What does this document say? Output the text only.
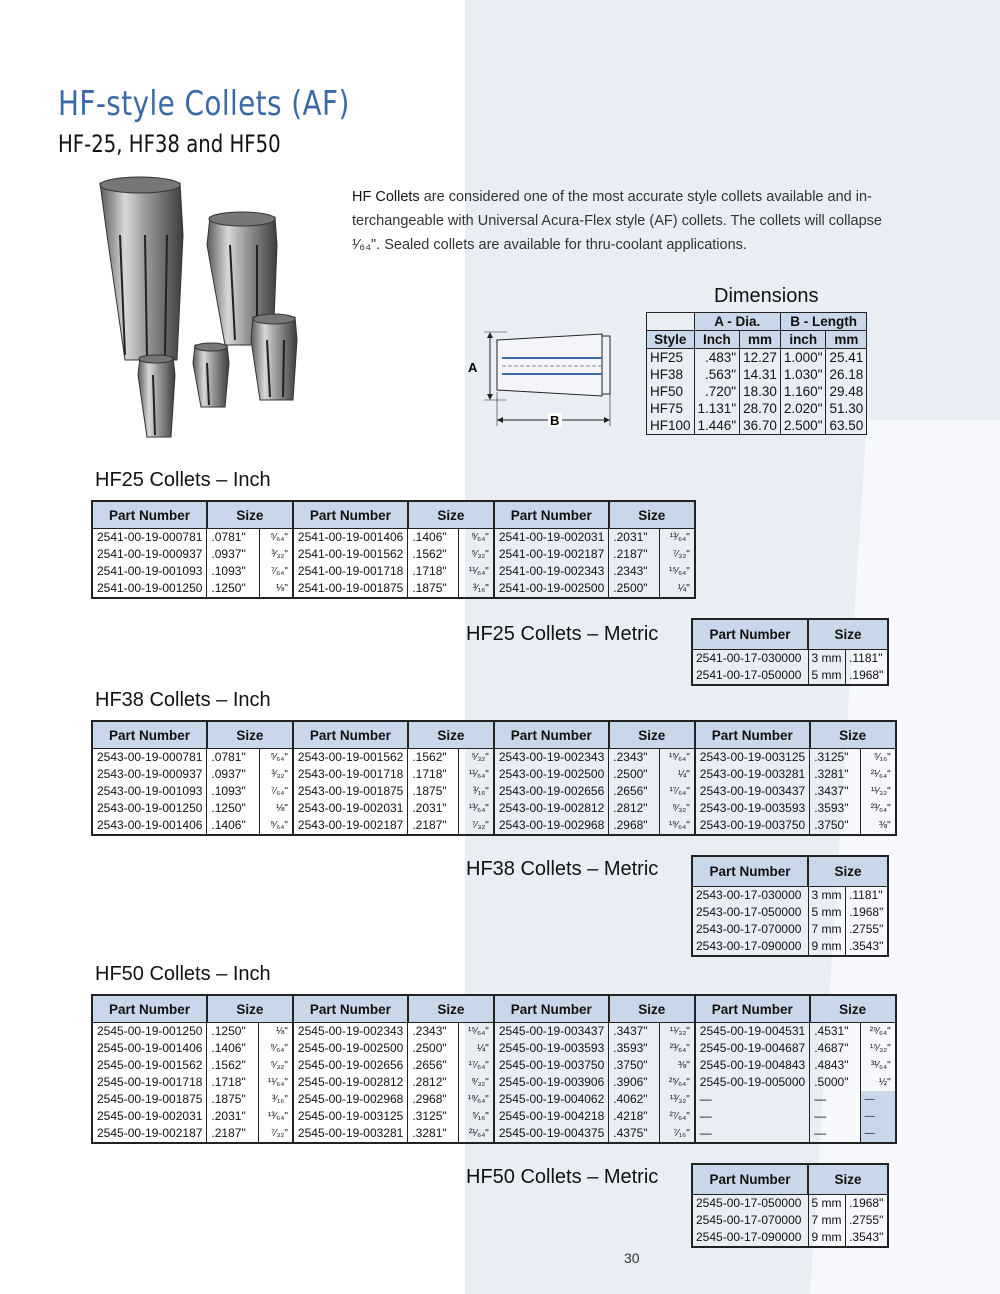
HF-style Collets (AF)
HF-25, HF38 and HF50
HF Collets are considered one of the most accurate style collets available and in-
terchangeable with Universal Acura-Flex style (AF) collets. The collets will collapse
¹⁄₆₄". Sealed collets are available for thru-coolant applications.
A
B
Dimensions
	A - Dia.		B - Length	
Style	Inch	mm	inch	mm
HF25	.483"	12.27	1.000"	25.41
HF38	.563"	14.31	1.030"	26.18
HF50	.720"	18.30	1.160"	29.48
HF75	1.131"	28.70	2.020"	51.30
HF100	1.446"	36.70	2.500"	63.50
HF25 Collets – Inch
Part Number	Size		Part Number	Size		Part Number	Size	
2541-00-19-000781	.0781"	⁵⁄₆₄"	2541-00-19-001406	.1406"	⁹⁄₆₄"	2541-00-19-002031	.2031"	¹³⁄₆₄"
2541-00-19-000937	.0937"	³⁄₃₂"	2541-00-19-001562	.1562"	⁵⁄₃₂"	2541-00-19-002187	.2187"	⁷⁄₃₂"
2541-00-19-001093	.1093"	⁷⁄₆₄"	2541-00-19-001718	.1718"	¹¹⁄₆₄"	2541-00-19-002343	.2343"	¹⁵⁄₆₄"
2541-00-19-001250	.1250"	⅛"	2541-00-19-001875	.1875"	³⁄₁₆"	2541-00-19-002500	.2500"	¼"
HF25 Collets – Metric	Part Number	Size	
2541-00-17-030000	3 mm	.1181"
2541-00-17-050000	5 mm	.1968"
HF38 Collets – Inch
Part Number	Size		Part Number	Size		Part Number	Size		Part Number	Size	
2543-00-19-000781	.0781"	⁵⁄₆₄"	2543-00-19-001562	.1562"	⁵⁄₃₂"	2543-00-19-002343	.2343"	¹⁵⁄₆₄"	2543-00-19-003125	.3125"	⁵⁄₁₆"
2543-00-19-000937	.0937"	³⁄₃₂"	2543-00-19-001718	.1718"	¹¹⁄₆₄"	2543-00-19-002500	.2500"	¼"	2543-00-19-003281	.3281"	²¹⁄₆₄"
2543-00-19-001093	.1093"	⁷⁄₆₄"	2543-00-19-001875	.1875"	³⁄₁₆"	2543-00-19-002656	.2656"	¹⁷⁄₆₄"	2543-00-19-003437	.3437"	¹¹⁄₃₂"
2543-00-19-001250	.1250"	⅛"	2543-00-19-002031	.2031"	¹³⁄₆₄"	2543-00-19-002812	.2812"	⁹⁄₃₂"	2543-00-19-003593	.3593"	²³⁄₆₄"
2543-00-19-001406	.1406"	⁹⁄₆₄"	2543-00-19-002187	.2187"	⁷⁄₃₂"	2543-00-19-002968	.2968"	¹⁹⁄₆₄"	2543-00-19-003750	.3750"	⅜"
HF38 Collets – Metric	Part Number	Size	
2543-00-17-030000	3 mm	.1181"
2543-00-17-050000	5 mm	.1968"
2543-00-17-070000	7 mm	.2755"
2543-00-17-090000	9 mm	.3543"
HF50 Collets – Inch
Part Number	Size		Part Number	Size		Part Number	Size		Part Number	Size	
2545-00-19-001250	.1250"	⅛"	2545-00-19-002343	.2343"	¹⁵⁄₆₄"	2545-00-19-003437	.3437"	¹¹⁄₃₂"	2545-00-19-004531	.4531"	²⁹⁄₆₄"
2545-00-19-001406	.1406"	⁹⁄₆₄"	2545-00-19-002500	.2500"	¼"	2545-00-19-003593	.3593"	²³⁄₆₄"	2545-00-19-004687	.4687"	¹⁵⁄₃₂"
2545-00-19-001562	.1562"	⁵⁄₃₂"	2545-00-19-002656	.2656"	¹⁷⁄₆₄"	2545-00-19-003750	.3750"	⅜"	2545-00-19-004843	.4843"	³¹⁄₆₄"
2545-00-19-001718	.1718"	¹¹⁄₆₄"	2545-00-19-002812	.2812"	⁹⁄₃₂"	2545-00-19-003906	.3906"	²⁵⁄₆₄"	2545-00-19-005000	.5000"	½"
2545-00-19-001875	.1875"	³⁄₁₆"	2545-00-19-002968	.2968"	¹⁹⁄₆₄"	2545-00-19-004062	.4062"	¹³⁄₃₂"	—	—	—
2545-00-19-002031	.2031"	¹³⁄₆₄"	2545-00-19-003125	.3125"	⁵⁄₁₆"	2545-00-19-004218	.4218"	²⁷⁄₆₄"	—	—	—
2545-00-19-002187	.2187"	⁷⁄₃₂"	2545-00-19-003281	.3281"	²¹⁄₆₄"	2545-00-19-004375	.4375"	⁷⁄₁₆"	—	—	—
HF50 Collets – Metric	Part Number	Size	
2545-00-17-050000	5 mm	.1968"
2545-00-17-070000	7 mm	.2755"
2545-00-17-090000	9 mm	.3543"
30
